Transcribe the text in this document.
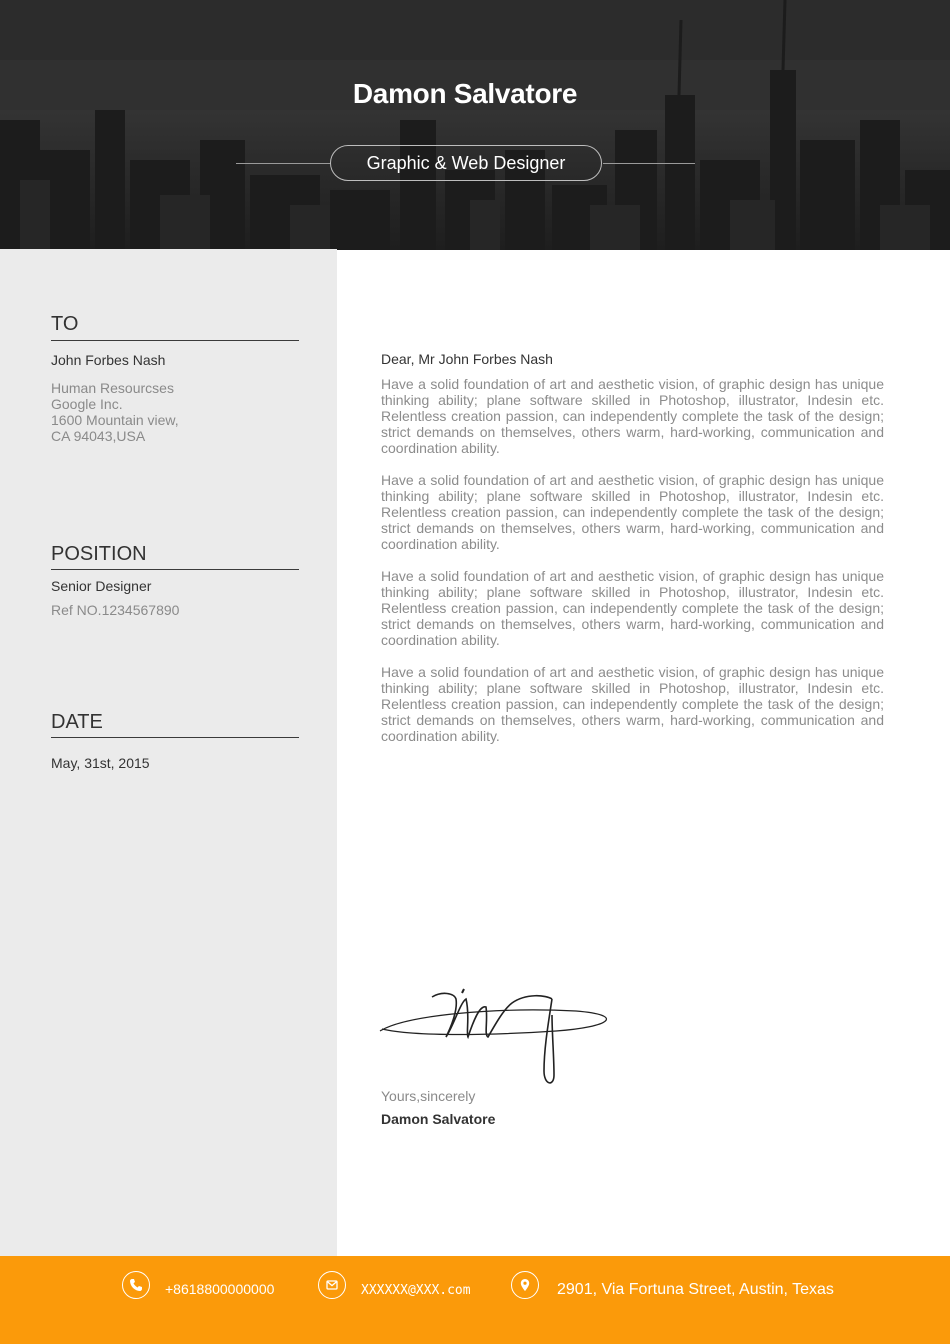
Damon Salvatore
Graphic & Web Designer
TO
John Forbes Nash
Human Resourcses
Google Inc.
1600 Mountain view,
CA 94043,USA
POSITION
Senior Designer
Ref NO.1234567890
DATE
May, 31st, 2015
Dear, Mr John Forbes Nash

Have a solid foundation of art and aesthetic vision, of graphic design has unique thinking ability; plane software skilled in Photoshop, illustrator, Indesin etc. Relentless creation passion, can independently complete the task of the design; strict demands on themselves, others warm, hard-working, communication and coordination ability.

Have a solid foundation of art and aesthetic vision, of graphic design has unique thinking ability; plane software skilled in Photoshop, illustrator, Indesin etc. Relentless creation passion, can independently complete the task of the design; strict demands on themselves, others warm, hard-working, communication and coordination ability.

Have a solid foundation of art and aesthetic vision, of graphic design has unique thinking ability; plane software skilled in Photoshop, illustrator, Indesin etc. Relentless creation passion, can independently complete the task of the design; strict demands on themselves, others warm, hard-working, communication and coordination ability.

Have a solid foundation of art and aesthetic vision, of graphic design has unique thinking ability; plane software skilled in Photoshop, illustrator, Indesin etc. Relentless creation passion, can independently complete the task of the design; strict demands on themselves, others warm, hard-working, communication and coordination ability.

Yours,sincerely
Damon Salvatore
+8618800000000	XXXXXX@XXX.com	2901, Via Fortuna Street, Austin, Texas
